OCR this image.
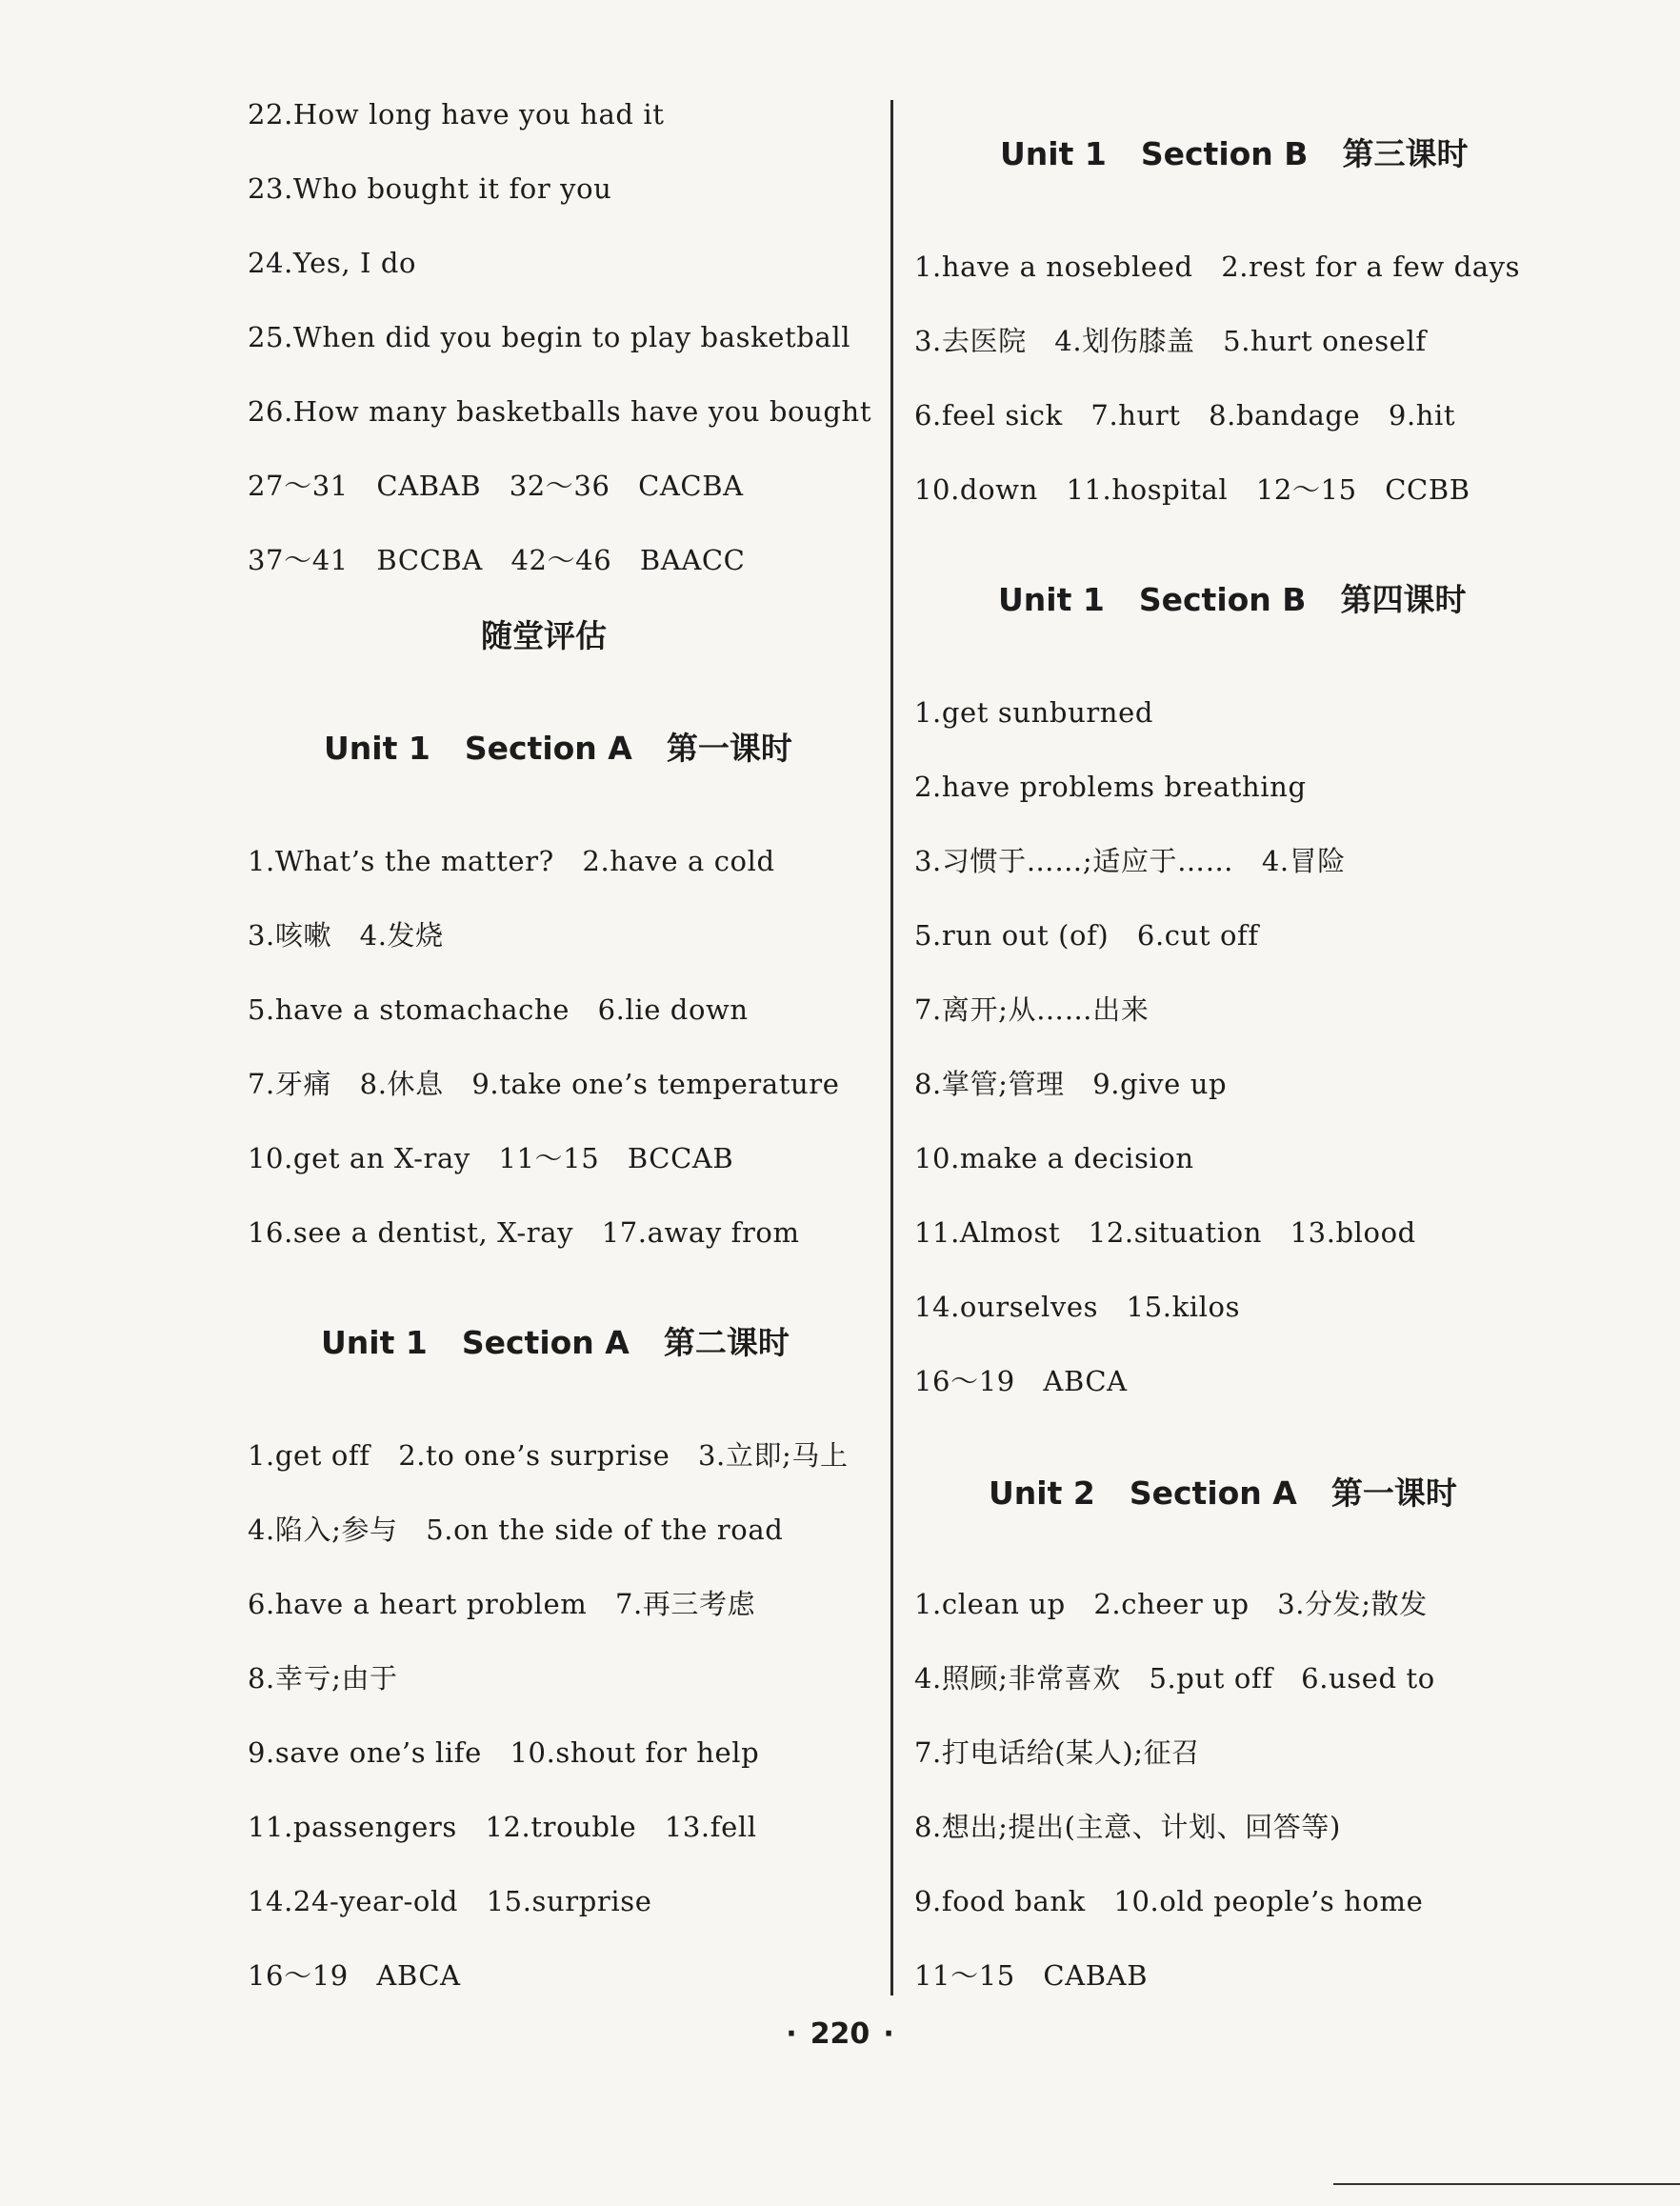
22.How long have you had it
23.Who bought it for you
24.Yes, I do
25.When did you begin to play basketball
26.How many basketballs have you bought
27～31　CABAB　32～36　CACBA
37～41　BCCBA　42～46　BAACC
随堂评估
Unit 1 Section A 第一课时
1.What’s the matter?　2.have a cold
3.咳嗽　4.发烧
5.have a stomachache　6.lie down
7.牙痛　8.休息　9.take one’s temperature
10.get an X-ray　11～15　BCCAB
16.see a dentist, X-ray　17.away from
Unit 1 Section A 第二课时
1.get off　2.to one’s surprise　3.立即;马上
4.陷入;参与　5.on the side of the road
6.have a heart problem　7.再三考虑
8.幸亏;由于
9.save one’s life　10.shout for help
11.passengers　12.trouble　13.fell
14.24-year-old　15.surprise
16～19　ABCA
Unit 1 Section B 第三课时
1.have a nosebleed　2.rest for a few days
3.去医院　4.划伤膝盖　5.hurt oneself
6.feel sick　7.hurt　8.bandage　9.hit
10.down　11.hospital　12～15　CCBB
Unit 1 Section B 第四课时
1.get sunburned
2.have problems breathing
3.习惯于……;适应于……　4.冒险
5.run out (of)　6.cut off
7.离开;从……出来
8.掌管;管理　9.give up
10.make a decision
11.Almost　12.situation　13.blood
14.ourselves　15.kilos
16～19　ABCA
Unit 2 Section A 第一课时
1.clean up　2.cheer up　3.分发;散发
4.照顾;非常喜欢　5.put off　6.used to
7.打电话给(某人);征召
8.想出;提出(主意、计划、回答等)
9.food bank　10.old people’s home
11～15　CABAB
· 220 ·
